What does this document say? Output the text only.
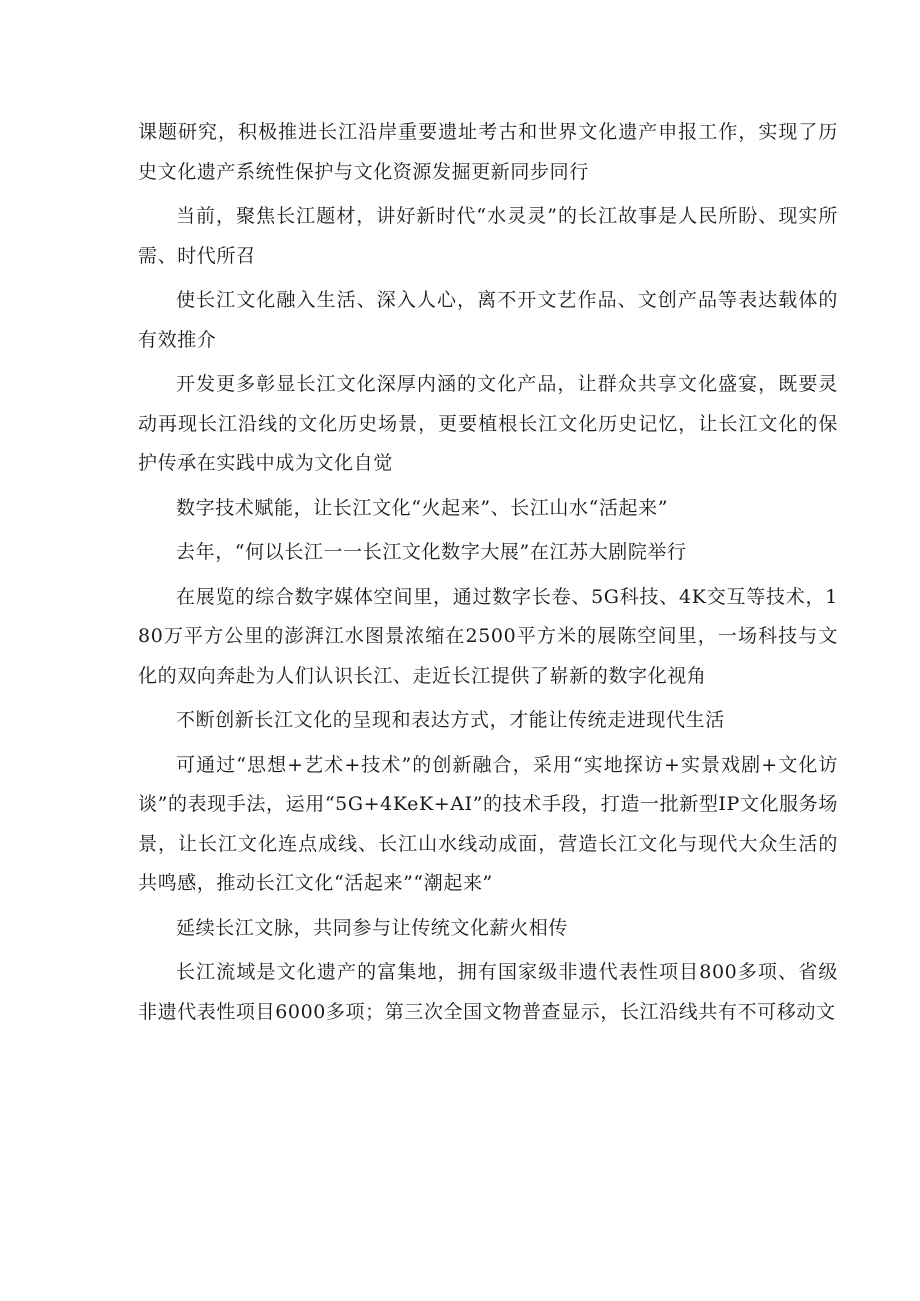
课题研究，积极推进长江沿岸重要遗址考古和世界文化遗产申报工作，实现了历史文化遗产系统性保护与文化资源发掘更新同步同行

当前，聚焦长江题材，讲好新时代“水灵灵”的长江故事是人民所盼、现实所需、时代所召

使长江文化融入生活、深入人心，离不开文艺作品、文创产品等表达载体的有效推介

开发更多彰显长江文化深厚内涵的文化产品，让群众共享文化盛宴，既要灵动再现长江沿线的文化历史场景，更要植根长江文化历史记忆，让长江文化的保护传承在实践中成为文化自觉

数字技术赋能，让长江文化“火起来”、长江山水“活起来”

去年，“何以长江一一长江文化数字大展”在江苏大剧院举行

在展览的综合数字媒体空间里，通过数字长卷、5G科技、4K交互等技术，180万平方公里的澎湃江水图景浓缩在2500平方米的展陈空间里，一场科技与文化的双向奔赴为人们认识长江、走近长江提供了崭新的数字化视角

不断创新长江文化的呈现和表达方式，才能让传统走进现代生活

可通过“思想+艺术+技术”的创新融合，采用“实地探访+实景戏剧+文化访谈”的表现手法，运用“5G+4KeK+AI”的技术手段，打造一批新型IP文化服务场景，让长江文化连点成线、长江山水线动成面，营造长江文化与现代大众生活的共鸣感，推动长江文化“活起来”“潮起来”

延续长江文脉，共同参与让传统文化薪火相传

长江流域是文化遗产的富集地，拥有国家级非遗代表性项目800多项、省级非遗代表性项目6000多项；第三次全国文物普查显示，长江沿线共有不可移动文
